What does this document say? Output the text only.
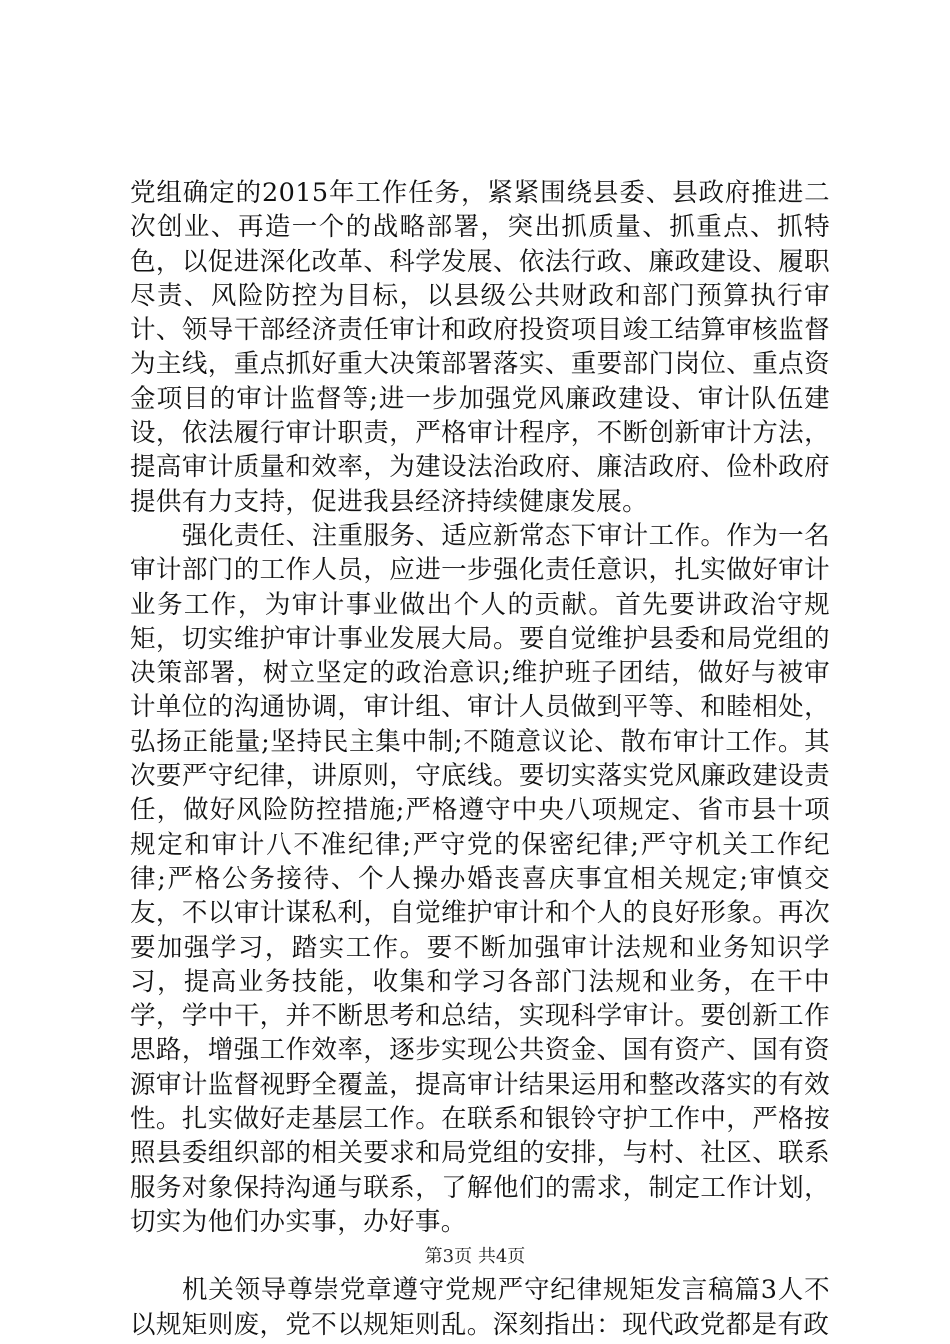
党组确定的2015年工作任务，紧紧围绕县委、县政府推进二次创业、再造一个的战略部署，突出抓质量、抓重点、抓特色，以促进深化改革、科学发展、依法行政、廉政建设、履职尽责、风险防控为目标，以县级公共财政和部门预算执行审计、领导干部经济责任审计和政府投资项目竣工结算审核监督为主线，重点抓好重大决策部署落实、重要部门岗位、重点资金项目的审计监督等;进一步加强党风廉政建设、审计队伍建设，依法履行审计职责，严格审计程序，不断创新审计方法，提高审计质量和效率，为建设法治政府、廉洁政府、俭朴政府提供有力支持，促进我县经济持续健康发展。

强化责任、注重服务、适应新常态下审计工作。作为一名审计部门的工作人员，应进一步强化责任意识，扎实做好审计业务工作，为审计事业做出个人的贡献。首先要讲政治守规矩，切实维护审计事业发展大局。要自觉维护县委和局党组的决策部署，树立坚定的政治意识;维护班子团结，做好与被审计单位的沟通协调，审计组、审计人员做到平等、和睦相处，弘扬正能量;坚持民主集中制;不随意议论、散布审计工作。其次要严守纪律，讲原则，守底线。要切实落实党风廉政建设责任，做好风险防控措施;严格遵守中央八项规定、省市县十项规定和审计八不准纪律;严守党的保密纪律;严守机关工作纪律;严格公务接待、个人操办婚丧喜庆事宜相关规定;审慎交友，不以审计谋私利，自觉维护审计和个人的良好形象。再次要加强学习，踏实工作。要不断加强审计法规和业务知识学习，提高业务技能，收集和学习各部门法规和业务，在干中学，学中干，并不断思考和总结，实现科学审计。要创新工作思路，增强工作效率，逐步实现公共资金、国有资产、国有资源审计监督视野全覆盖，提高审计结果运用和整改落实的有效性。扎实做好走基层工作。在联系和银铃守护工作中，严格按照县委组织部的相关要求和局党组的安排，与村、社区、联系服务对象保持沟通与联系，了解他们的需求，制定工作计划，切实为他们办实事，办好事。

机关领导尊崇党章遵守党规严守纪律规矩发言稿篇3人不以规矩则废，党不以规矩则乱。深刻指出：现代政党都是有政

第3页 共4页
